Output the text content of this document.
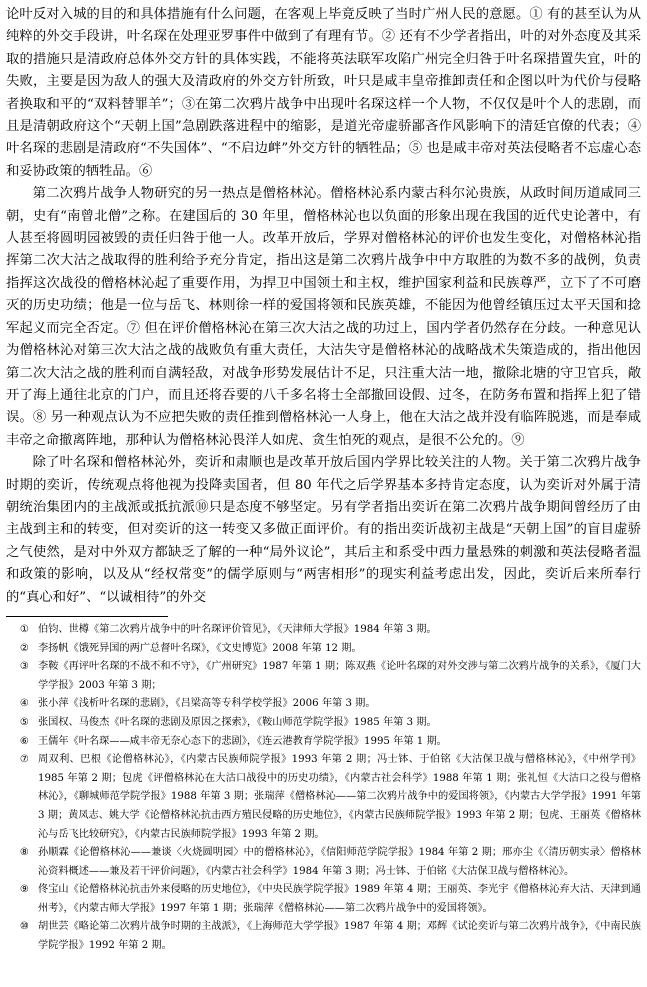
论叶反对入城的目的和具体措施有什么问题，在客观上毕竟反映了当时广州人民的意愿。① 有的甚至认为从纯粹的外交手段讲，叶名琛在处理亚罗事件中做到了有理有节。② 还有不少学者指出，叶的对外态度及其采取的措施只是清政府总体外交方针的具体实践，不能将英法联军攻陷广州完全归咎于叶名琛措置失宜，叶的失败，主要是因为敌人的强大及清政府的外交方针所致，叶只是咸丰皇帝推卸责任和企图以叶为代价与侵略者换取和平的“双料替罪羊”；③在第二次鸦片战争中出现叶名琛这样一个人物，不仅仅是叶个人的悲剧，而且是清朝政府这个“天朝上国”急剧跌落进程中的缩影，是道光帝虚骄鄙吝作风影响下的清廷官僚的代表；④叶名琛的悲剧是清政府“不失国体”、“不启边衅”外交方针的牺牲品；⑤ 也是咸丰帝对英法侵略者不忘虚心态和妥协政策的牺牲品。⑥

第二次鸦片战争人物研究的另一热点是僧格林沁。僧格林沁系内蒙古科尔沁贵族，从政时间历道咸同三朝，史有“南曾北僧”之称。在建国后的 30 年里，僧格林沁也以负面的形象出现在我国的近代史论著中，有人甚至将圆明园被毁的责任归咎于他一人。改革开放后，学界对僧格林沁的评价也发生变化，对僧格林沁指挥第二次大沽之战取得的胜利给予充分肯定，指出这是第二次鸦片战争中中方取胜的为数不多的战例，负责指挥这次战役的僧格林沁起了重要作用，为捍卫中国领土和主权，维护国家利益和民族尊严，立下了不可磨灭的历史功绩；他是一位与岳飞、林则徐一样的爱国将领和民族英雄，不能因为他曾经镇压过太平天国和捻军起义而完全否定。⑦ 但在评价僧格林沁在第三次大沽之战的功过上，国内学者仍然存在分歧。一种意见认为僧格林沁对第三次大沽之战的战败负有重大责任，大沽失守是僧格林沁的战略战术失策造成的，指出他因第二次大沽之战的胜利而自满轻敌，对战争形势发展估计不足，只注重大沽一地，撤除北塘的守卫官兵，敞开了海上通往北京的门户，而且还将吞要的八千多名将士全部撤回设假、过冬，在防务布置和指挥上犯了错误。⑧ 另一种观点认为不应把失败的责任推到僧格林沁一人身上，他在大沽之战并没有临阵脱逃，而是奉咸丰帝之命撤离阵地，那种认为僧格林沁畏洋人如虎、贪生怕死的观点，是很不公允的。⑨

除了叶名琛和僧格林沁外，奕䜣和肃顺也是改革开放后国内学界比较关注的人物。关于第二次鸦片战争时期的奕䜣，传统观点将他视为投降卖国者，但 80 年代之后学界基本多持肯定态度，认为奕䜣对外属于清朝统治集团内的主战派或抵抗派⑩只是态度不够坚定。另有学者指出奕䜣在第二次鸦片战争期间曾经历了由主战到主和的转变，但对奕䜣的这一转变又多做正面评价。有的指出奕䜣战初主战是“天朝上国”的盲目虚骄之气使然，是对中外双方都缺乏了解的一种“局外议论”，其后主和系受中西力量悬殊的刺激和英法侵略者温和政策的影响，以及从“经权常变”的儒学原则与“两害相形”的现实利益考虑出发，因此，奕䜣后来所奉行的“真心和好”、“以诚相待”的外交

① 伯钧、世樽《第二次鸦片战争中的叶名琛评价管见》，《天津师大学报》1984 年第 3 期。
② 李扬帆《饿死异国的两广总督叶名琛》，《文史博览》2008 年第 12 期。
③ 李鞍《再评叶名琛的不战不和不守》，《广州研究》1987 年第 1 期；陈双燕《论叶名琛的对外交涉与第二次鸦片战争的关系》，《厦门大学学报》2003 年第 3 期；
④ 张小萍《浅析叶名琛的悲剧》，《吕梁高等专科学校学报》2006 年第 3 期。
⑤ 张国权、马俊杰《叶名琛的悲剧及原因之探索》，《鞍山师范学院学报》1985 年第 3 期。
⑥ 王儒年《叶名琛——咸丰帝无奈心态下的悲剧》，《连云港教育学院学报》1995 年第 1 期。
⑦ 周双利、巴根《论僧格林沁》，《内蒙古民族师院学报》1993 年第 2 期；冯士钵、于伯铭《大沽保卫战与僧格林沁》，《中州学刊》1985 年第 2 期；包虎《评僧格林沁在大沽口战役中的历史功绩》，《内蒙古社会科学》1988 年第 1 期；张礼恒《大沽口之役与僧格林沁》，《聊城师范学院学报》1988 年第 3 期；张瑞萍《僧格林沁——第二次鸦片战争中的爱国将领》，《内蒙古大学学报》1991 年第 3 期；黄凤志、姚大学《论僧格林沁抗击西方殖民侵略的历史地位》，《内蒙古民族师院学报》1993 年第 2 期；包虎、王丽英《僧格林沁与岳飞比较研究》，《内蒙古民族师院学报》1993 年第 2 期。
⑧ 孙顺霖《论僧格林沁——兼谈〈火烧圆明园〉中的僧格林沁》，《信阳师范学院学报》1984 年第 2 期；邢亦尘《〈清历朝实录〉僧格林沁资料概述——兼及若干评价问题》，《内蒙古社会科学》1984 年第 3 期；冯士钵、于伯铭《大沽保卫战与僧格林沁》。
⑨ 佟宝山《论僧格林沁抗击外来侵略的历史地位》，《中央民族学院学报》1989 年第 4 期；王丽英、李光宇《僧格林沁弃大沽、天津到通州考》，《内蒙古师大学报》1997 年第 1 期；张瑞萍《僧格林沁——第二次鸦片战争中的爱国将领》。
⑩ 胡世芸《略论第二次鸦片战争时期的主战派》，《上海师范大学学报》1987 年第 4 期；邓辉《试论奕䜣与第二次鸦片战争》，《中南民族学院学报》1992 年第 2 期。
